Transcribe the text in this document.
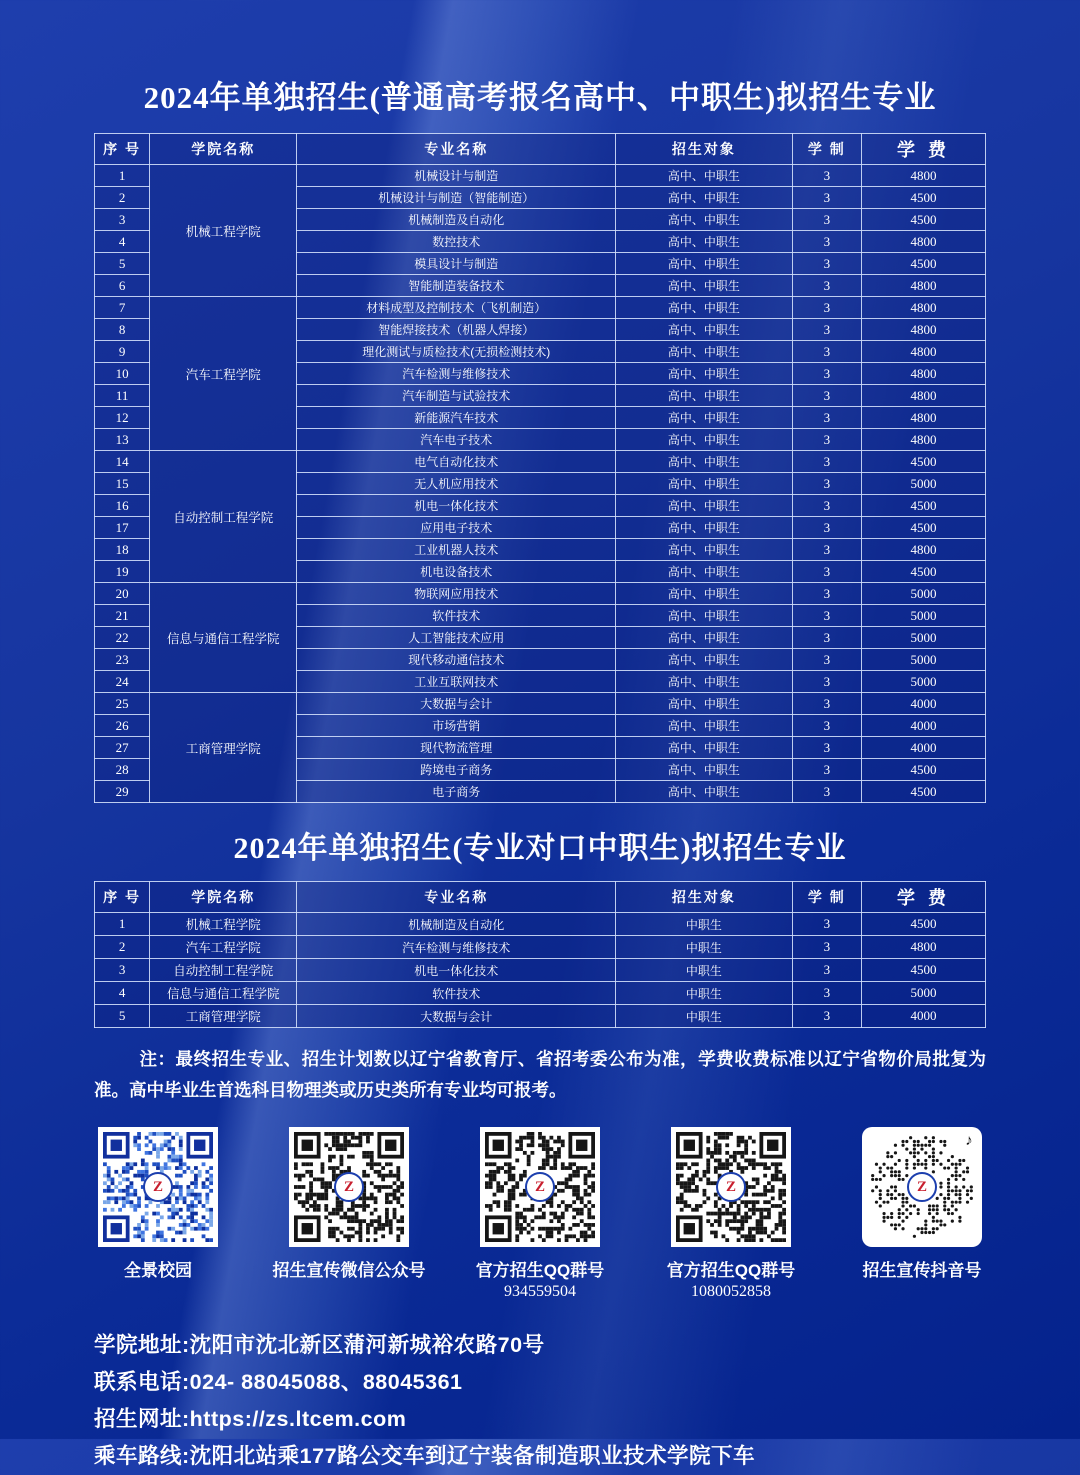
2024年单独招生(普通高考报名高中、中职生)拟招生专业
序 号	学院名称	专业名称	招生对象	学 制	学 费
1	机械工程学院	机械设计与制造	高中、中职生	3	4800
2		机械设计与制造（智能制造）	高中、中职生	3	4500
3		机械制造及自动化	高中、中职生	3	4500
4		数控技术	高中、中职生	3	4800
5		模具设计与制造	高中、中职生	3	4500
6		智能制造装备技术	高中、中职生	3	4800
7	汽车工程学院	材料成型及控制技术（飞机制造）	高中、中职生	3	4800
8		智能焊接技术（机器人焊接）	高中、中职生	3	4800
9		理化测试与质检技术(无损检测技术)	高中、中职生	3	4800
10		汽车检测与维修技术	高中、中职生	3	4800
11		汽车制造与试验技术	高中、中职生	3	4800
12		新能源汽车技术	高中、中职生	3	4800
13		汽车电子技术	高中、中职生	3	4800
14	自动控制工程学院	电气自动化技术	高中、中职生	3	4500
15		无人机应用技术	高中、中职生	3	5000
16		机电一体化技术	高中、中职生	3	4500
17		应用电子技术	高中、中职生	3	4500
18		工业机器人技术	高中、中职生	3	4800
19		机电设备技术	高中、中职生	3	4500
20	信息与通信工程学院	物联网应用技术	高中、中职生	3	5000
21		软件技术	高中、中职生	3	5000
22		人工智能技术应用	高中、中职生	3	5000
23		现代移动通信技术	高中、中职生	3	5000
24		工业互联网技术	高中、中职生	3	5000
25	工商管理学院	大数据与会计	高中、中职生	3	4000
26		市场营销	高中、中职生	3	4000
27		现代物流管理	高中、中职生	3	4000
28		跨境电子商务	高中、中职生	3	4500
29		电子商务	高中、中职生	3	4500
2024年单独招生(专业对口中职生)拟招生专业
序 号	学院名称	专业名称	招生对象	学 制	学 费
1	机械工程学院	机械制造及自动化	中职生	3	4500
2	汽车工程学院	汽车检测与维修技术	中职生	3	4800
3	自动控制工程学院	机电一体化技术	中职生	3	4500
4	信息与通信工程学院	软件技术	中职生	3	5000
5	工商管理学院	大数据与会计	中职生	3	4000

注：最终招生专业、招生计划数以辽宁省教育厅、省招考委公布为准，学费收费标准以辽宁省物价局批复为准。高中毕业生首选科目物理类或历史类所有专业均可报考。

Z
全景校园
Z
招生宣传微信公众号
Z
官方招生QQ群号
934559504
Z
官方招生QQ群号
1080052858
Z
♪
招生宣传抖音号
学院地址:沈阳市沈北新区蒲河新城裕农路70号
联系电话:024- 88045088、88045361
招生网址:https://zs.ltcem.com
乘车路线:沈阳北站乘177路公交车到辽宁装备制造职业技术学院下车
